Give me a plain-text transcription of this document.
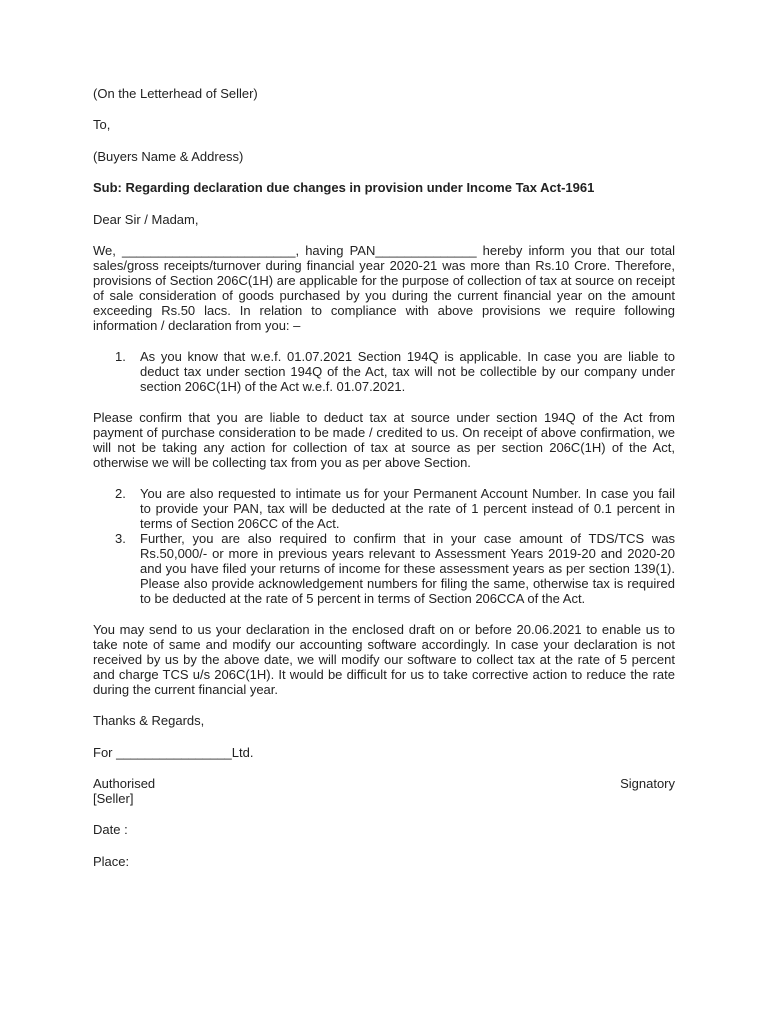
(On the Letterhead of Seller)

To,

(Buyers Name & Address)

Sub: Regarding declaration due changes in provision under Income Tax Act-1961

Dear Sir / Madam,

We, ________________________, having PAN______________ hereby inform you that our total sales/gross receipts/turnover during financial year 2020-21 was more than Rs.10 Crore. Therefore, provisions of Section 206C(1H) are applicable for the purpose of collection of tax at source on receipt of sale consideration of goods purchased by you during the current financial year on the amount exceeding Rs.50 lacs. In relation to compliance with above provisions we require following information / declaration from you: –

1. As you know that w.e.f. 01.07.2021 Section 194Q is applicable. In case you are liable to deduct tax under section 194Q of the Act, tax will not be collectible by our company under section 206C(1H) of the Act w.e.f. 01.07.2021.

Please confirm that you are liable to deduct tax at source under section 194Q of the Act from payment of purchase consideration to be made / credited to us. On receipt of above confirmation, we will not be taking any action for collection of tax at source as per section 206C(1H) of the Act, otherwise we will be collecting tax from you as per above Section.

2. You are also requested to intimate us for your Permanent Account Number. In case you fail to provide your PAN, tax will be deducted at the rate of 1 percent instead of 0.1 percent in terms of Section 206CC of the Act.
3. Further, you are also required to confirm that in your case amount of TDS/TCS was Rs.50,000/- or more in previous years relevant to Assessment Years 2019-20 and 2020-20 and you have filed your returns of income for these assessment years as per section 139(1). Please also provide acknowledgement numbers for filing the same, otherwise tax is required to be deducted at the rate of 5 percent in terms of Section 206CCA of the Act.

You may send to us your declaration in the enclosed draft on or before 20.06.2021 to enable us to take note of same and modify our accounting software accordingly. In case your declaration is not received by us by the above date, we will modify our software to collect tax at the rate of 5 percent and charge TCS u/s 206C(1H). It would be difficult for us to take corrective action to reduce the rate during the current financial year.

Thanks & Regards,

For ________________Ltd.

Authorised	Signatory

[Seller]

Date :

Place:
